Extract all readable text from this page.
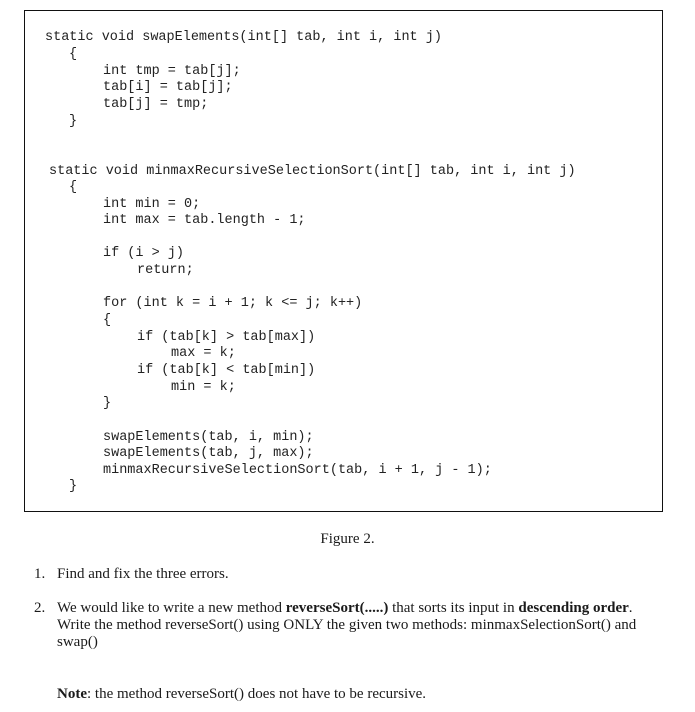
static void swapElements(int[] tab, int i, int j)
{
int tmp = tab[j];
tab[i] = tab[j];
tab[j] = tmp;
}
static void minmaxRecursiveSelectionSort(int[] tab, int i, int j)
{
int min = 0;
int max = tab.length - 1;
if (i > j)
return;
for (int k = i + 1; k <= j; k++)
{
if (tab[k] > tab[max])
max = k;
if (tab[k] < tab[min])
min = k;
}
swapElements(tab, i, min);
swapElements(tab, j, max);
minmaxRecursiveSelectionSort(tab, i + 1, j - 1);
}
Figure 2.
1. Find and fix the three errors.
2. We would like to write a new method reverseSort(.....) that sorts its input in descending order. Write the method reverseSort() using ONLY the given two methods: minmaxSelectionSort() and swap()
Note: the method reverseSort() does not have to be recursive.
